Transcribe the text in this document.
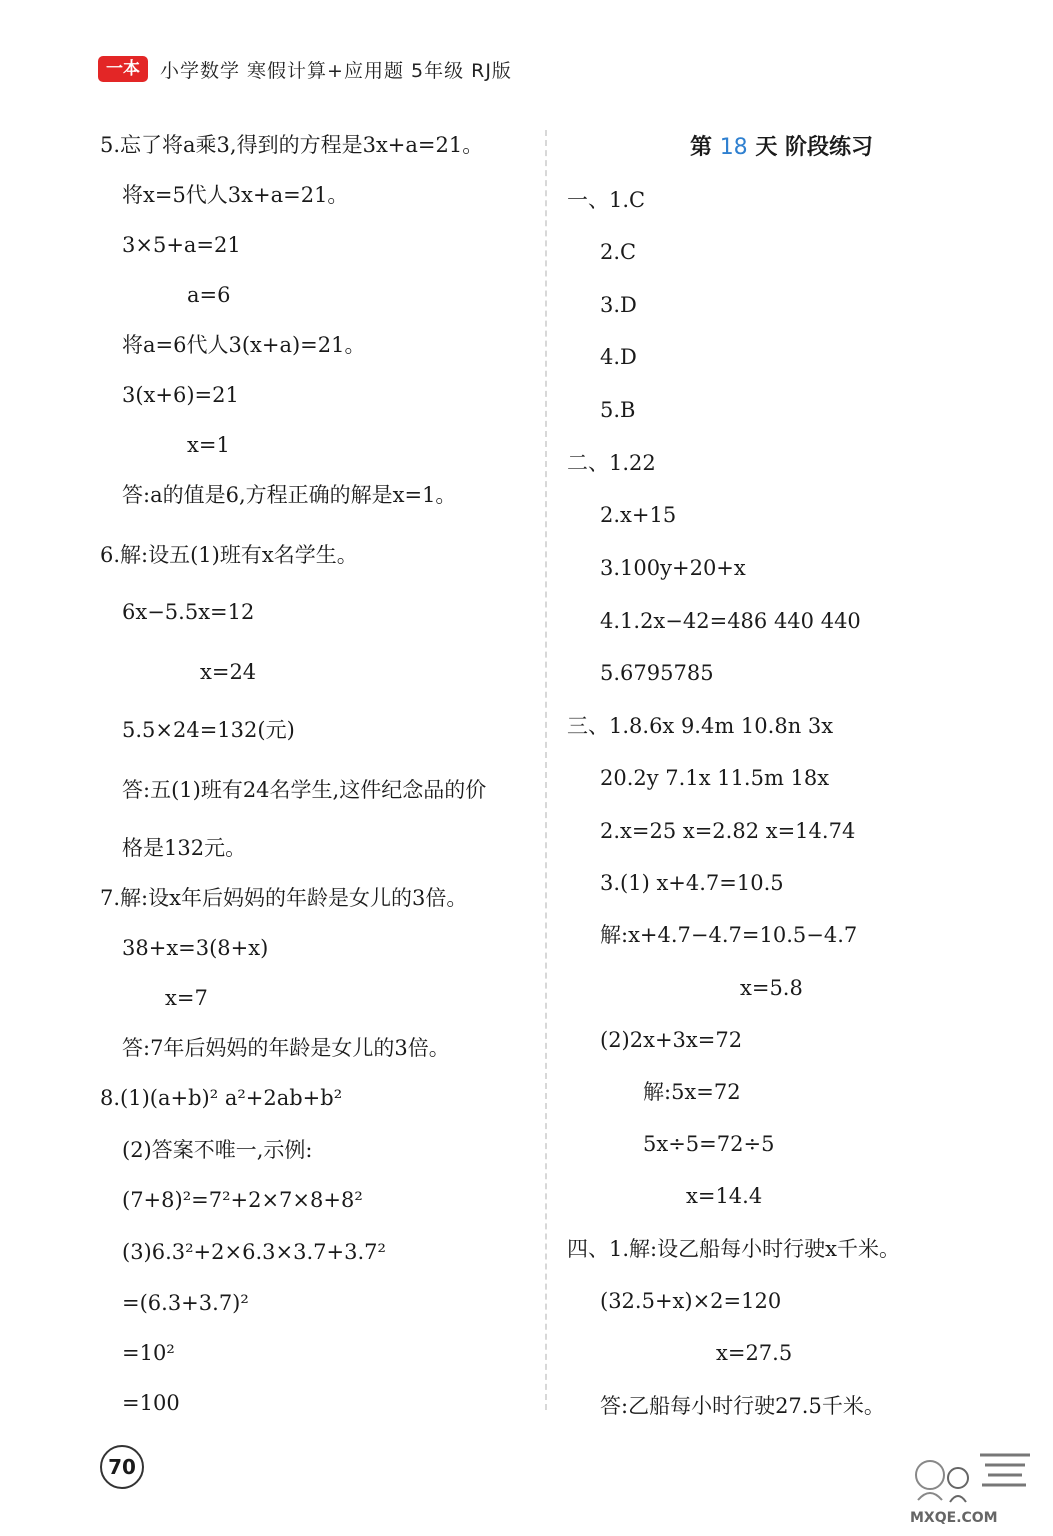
一本	小学数学 寒假计算+应用题 5年级 RJ版
5.忘了将a乘3,得到的方程是3x+a=21。
将x=5代人3x+a=21。
3×5+a=21
a=6
将a=6代人3(x+a)=21。
3(x+6)=21
x=1
答:a的值是6,方程正确的解是x=1。
6.解:设五(1)班有x名学生。
6x−5.5x=12
x=24
5.5×24=132(元)
答:五(1)班有24名学生,这件纪念品的价
格是132元。
7.解:设x年后妈妈的年龄是女儿的3倍。
38+x=3(8+x)
x=7
答:7年后妈妈的年龄是女儿的3倍。
8.(1)(a+b)² a²+2ab+b²
(2)答案不唯一,示例:
(7+8)²=7²+2×7×8+8²
(3)6.3²+2×6.3×3.7+3.7²
=(6.3+3.7)²
=10²
=100
第 18 天 阶段练习
一、1.C
2.C
3.D
4.D
5.B
二、1.22
2.x+15
3.100y+20+x
4.1.2x−42=486 440 440
5.6795785
三、1.8.6x 9.4m 10.8n 3x
20.2y 7.1x 11.5m 18x
2.x=25 x=2.82 x=14.74
3.(1) x+4.7=10.5
解:x+4.7−4.7=10.5−4.7
x=5.8
(2)2x+3x=72
解:5x=72
5x÷5=72÷5
x=14.4
四、1.解:设乙船每小时行驶x千米。
(32.5+x)×2=120
x=27.5
答:乙船每小时行驶27.5千米。
70
MXQE.COM
